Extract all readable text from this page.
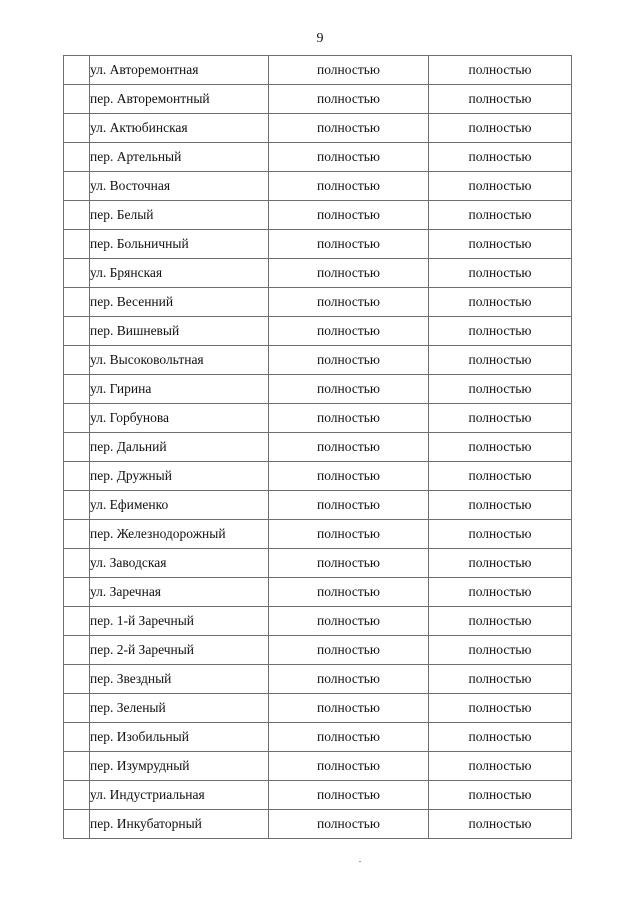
9
	ул. Авторемонтная	полностью	полностью
	пер. Авторемонтный	полностью	полностью
	ул. Актюбинская	полностью	полностью
	пер. Артельный	полностью	полностью
	ул. Восточная	полностью	полностью
	пер. Белый	полностью	полностью
	пер. Больничный	полностью	полностью
	ул. Брянская	полностью	полностью
	пер. Весенний	полностью	полностью
	пер. Вишневый	полностью	полностью
	ул. Высоковольтная	полностью	полностью
	ул. Гирина	полностью	полностью
	ул. Горбунова	полностью	полностью
	пер. Дальний	полностью	полностью
	пер. Дружный	полностью	полностью
	ул. Ефименко	полностью	полностью
	пер. Железнодорожный	полностью	полностью
	ул. Заводская	полностью	полностью
	ул. Заречная	полностью	полностью
	пер. 1-й Заречный	полностью	полностью
	пер. 2-й Заречный	полностью	полностью
	пер. Звездный	полностью	полностью
	пер. Зеленый	полностью	полностью
	пер. Изобильный	полностью	полностью
	пер. Изумрудный	полностью	полностью
	ул. Индустриальная	полностью	полностью
	пер. Инкубаторный	полностью	полностью
